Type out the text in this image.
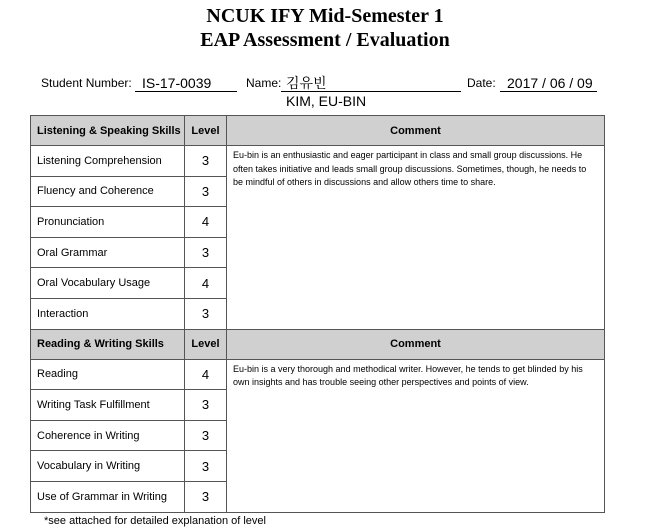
NCUK IFY Mid-Semester 1
EAP Assessment / Evaluation
Student Number: IS-17-0039	Name: 김유빈
KIM, EU-BIN
Date: 2017 / 06 / 09
Listening & Speaking Skills	Level	Comment
Listening Comprehension	3	Eu-bin is an enthusiastic and eager participant in class and small group discussions. He often takes initiative and leads small group discussions. Sometimes, though, he needs to be mindful of others in discussions and allow others time to share.
Fluency and Coherence	3	
Pronunciation	4	
Oral Grammar	3	
Oral Vocabulary Usage	4	
Interaction	3	
Reading & Writing Skills	Level	Comment
Reading	4	Eu-bin is a very thorough and methodical writer. However, he tends to get blinded by his own insights and has trouble seeing other perspectives and points of view.
Writing Task Fulfillment	3	
Coherence in Writing	3	
Vocabulary in Writing	3	
Use of Grammar in Writing	3	
*see attached for detailed explanation of level
